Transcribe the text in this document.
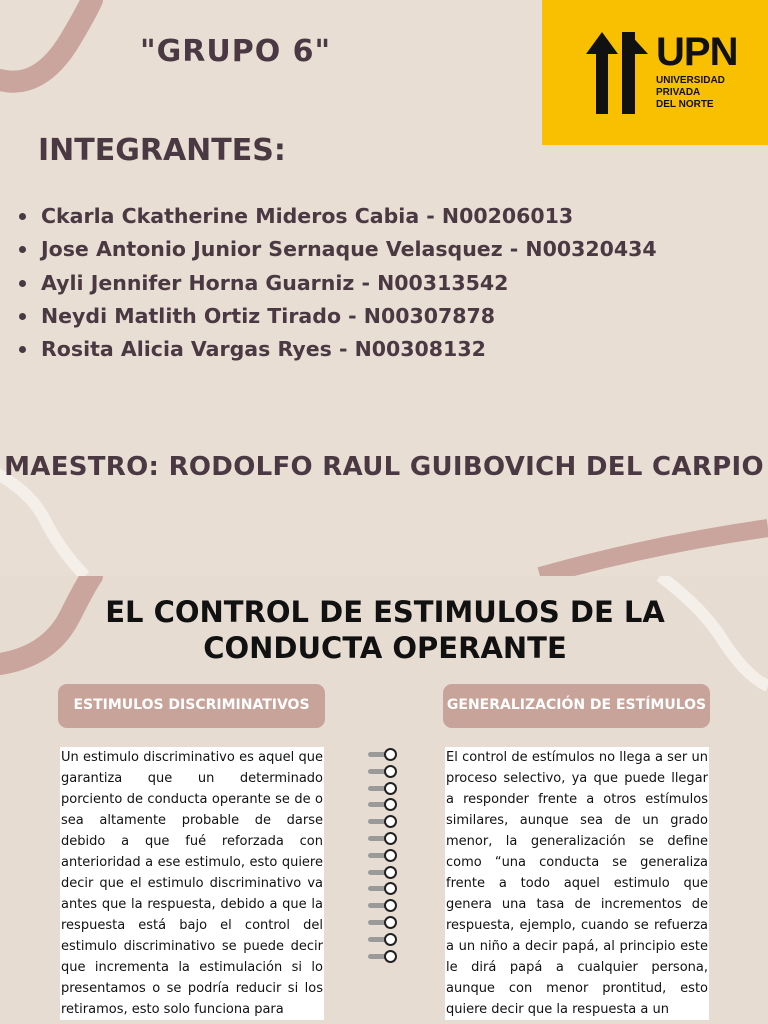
"GRUPO 6"	UPN
UNIVERSIDAD
PRIVADA
DEL NORTE
INTEGRANTES:
Ckarla Ckatherine Mideros Cabia - N00206013
Jose Antonio Junior Sernaque Velasquez - N00320434
Ayli Jennifer Horna Guarniz - N00313542
Neydi Matlith Ortiz Tirado - N00307878
Rosita Alicia Vargas Ryes - N00308132
MAESTRO: RODOLFO RAUL GUIBOVICH DEL CARPIO
EL CONTROL DE ESTIMULOS DE LA
CONDUCTA OPERANTE
ESTIMULOS DISCRIMINATIVOS	GENERALIZACIÓN DE ESTÍMULOS
Un estimulo discriminativo es aquel que garantiza que un determinado porciento de conducta operante se de o sea altamente probable de darse debido a que fué reforzada con anterioridad a ese estimulo, esto quiere decir que el estimulo discriminativo va antes que la respuesta, debido a que la respuesta está bajo el control del estimulo discriminativo se puede decir que incrementa la estimulación si lo presentamos o se podría reducir si los retiramos, esto solo funciona para
El control de estímulos no llega a ser un proceso selectivo, ya que puede llegar a responder frente a otros estímulos similares, aunque sea de un grado menor, la generalización se define como “una conducta se generaliza frente a todo aquel estimulo que genera una tasa de incrementos de respuesta, ejemplo, cuando se refuerza a un niño a decir papá, al principio este le dirá papá a cualquier persona, aunque con menor prontitud, esto quiere decir que la respuesta a un
